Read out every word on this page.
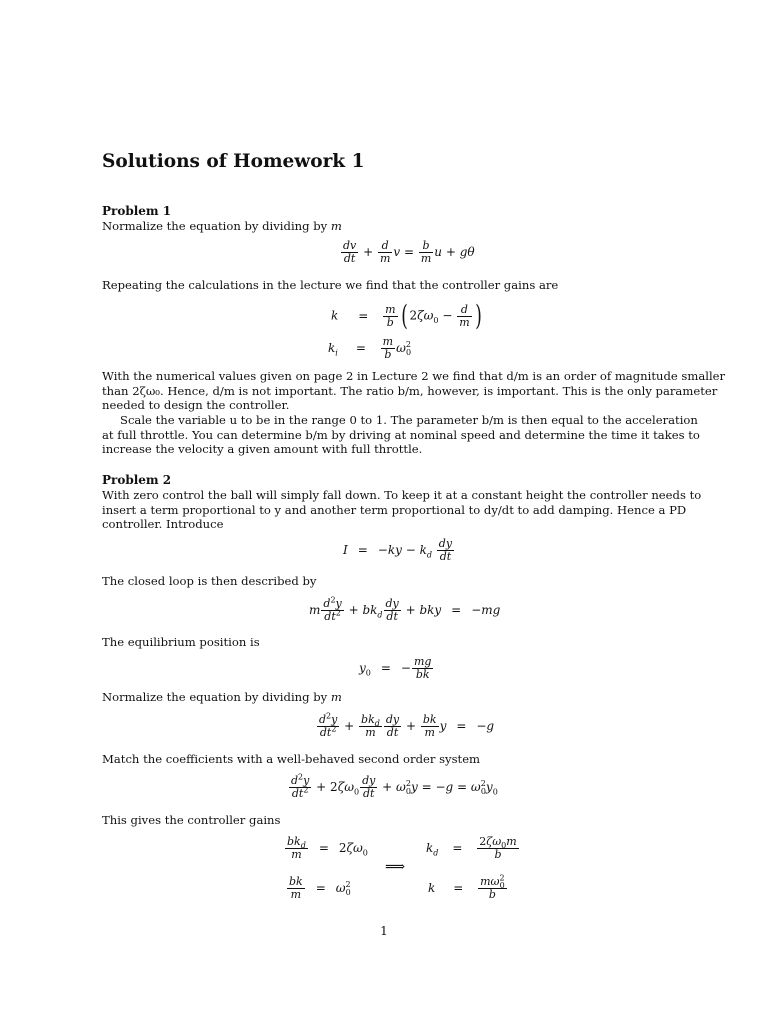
Solutions of Homework 1
Problem 1
Normalize the equation by dividing by m
$\frac{dv}{dt} + \frac{d}{m}$ $v = \frac{b}{m}$ u + gθ
Repeating the calculations in the lecture we find that the controller gains are
$k = \frac{m}{b}$ ( $2\zeta\omega_0 - \frac{d}{m}$ )
$k_i = \frac{m}{b} \omega^2_0$
With the numerical values given on page 2 in Lecture 2 we find that d/m is an order of magnitude smaller
than 2ζω₀. Hence, d/m is not important. The ratio b/m, however, is important. This is the only parameter
needed to design the controller.
Scale the variable u to be in the range 0 to 1. The parameter b/m is then equal to the acceleration
at full throttle. You can determine b/m by driving at nominal speed and determine the time it takes to
increase the velocity a given amount with full throttle.
Problem 2
With zero control the ball will simply fall down. To keep it at a constant height the controller needs to
insert a term proportional to y and another term proportional to dy/dt to add damping. Hence a PD
controller. Introduce
$I = -ky - k_d \frac{dy}{dt}$
The closed loop is then described by
m $\frac{d^2y}{dt^2} + bk_d \frac{dy}{dt}$ + bky = −mg
The equilibrium position is
$y_0$ = − $\frac{mg}{bk}$
Normalize the equation by dividing by m
$\frac{d^2y}{dt^2} + bk_d$
m $\frac{dy}{dt} + \frac{bk}{m}$ y = −g
Match the coefficients with a well-behaved second order system
$\frac{d^2y}{dt^2} + 2\zeta\omega_0 \frac{dy}{dt} + \omega^2_0y = -g = \omega^2_0y_0$
This gives the controller gains
$bk_d$
m	= $2\zeta\omega_0$
$\frac{bk}{m} = \omega^2_0$
⟹
$k_d = \frac{2\zeta\omega_0m}{b}$
$k = \frac{m\omega^2_0}{b}$
1
